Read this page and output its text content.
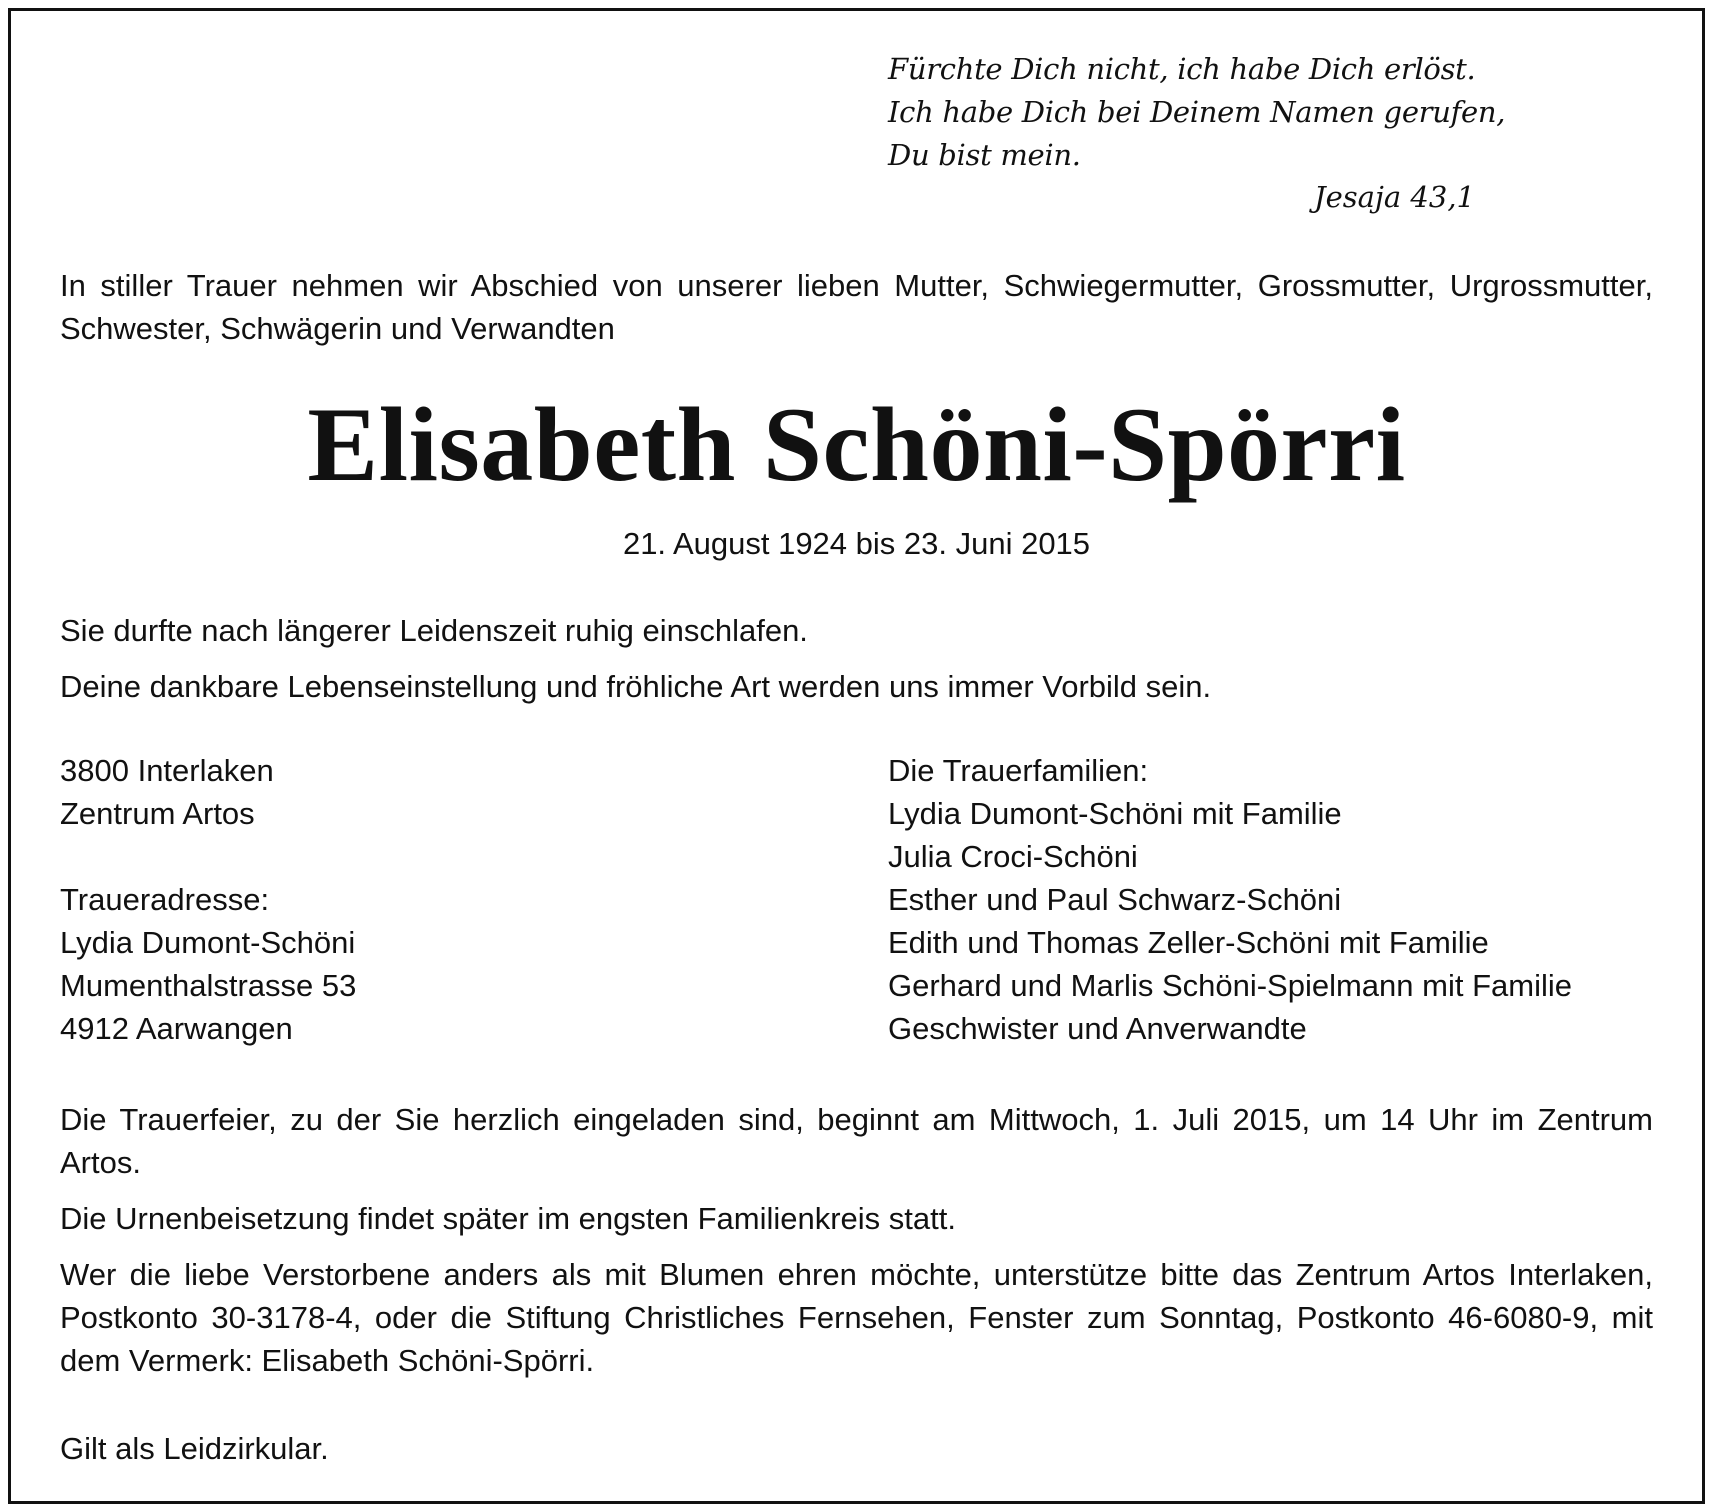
Fürchte Dich nicht, ich habe Dich erlöst.
Ich habe Dich bei Deinem Namen gerufen,
Du bist mein.
Jesaja 43,1

In stiller Trauer nehmen wir Abschied von unserer lieben Mutter, Schwiegermutter, Grossmutter, Urgrossmutter, Schwester, Schwägerin und Verwandten

Elisabeth Schöni-Spörri
21. August 1924 bis 23. Juni 2015

Sie durfte nach längerer Leidenszeit ruhig einschlafen.

Deine dankbare Lebenseinstellung und fröhliche Art werden uns immer Vorbild sein.

3800 Interlaken
Zentrum Artos
Traueradresse:
Lydia Dumont-Schöni
Mumenthalstrasse 53
4912 Aarwangen
Die Trauerfamilien:
Lydia Dumont-Schöni mit Familie
Julia Croci-Schöni
Esther und Paul Schwarz-Schöni
Edith und Thomas Zeller-Schöni mit Familie
Gerhard und Marlis Schöni-Spielmann mit Familie
Geschwister und Anverwandte

Die Trauerfeier, zu der Sie herzlich eingeladen sind, beginnt am Mittwoch, 1. Juli 2015, um 14 Uhr im Zentrum Artos.

Die Urnenbeisetzung findet später im engsten Familienkreis statt.

Wer die liebe Verstorbene anders als mit Blumen ehren möchte, unterstütze bitte das Zentrum Artos Interlaken, Postkonto 30-3178-4, oder die Stiftung Christliches Fernsehen, Fenster zum Sonntag, Postkonto 46-6080-9, mit dem Vermerk: Elisabeth Schöni-Spörri.

Gilt als Leidzirkular.
